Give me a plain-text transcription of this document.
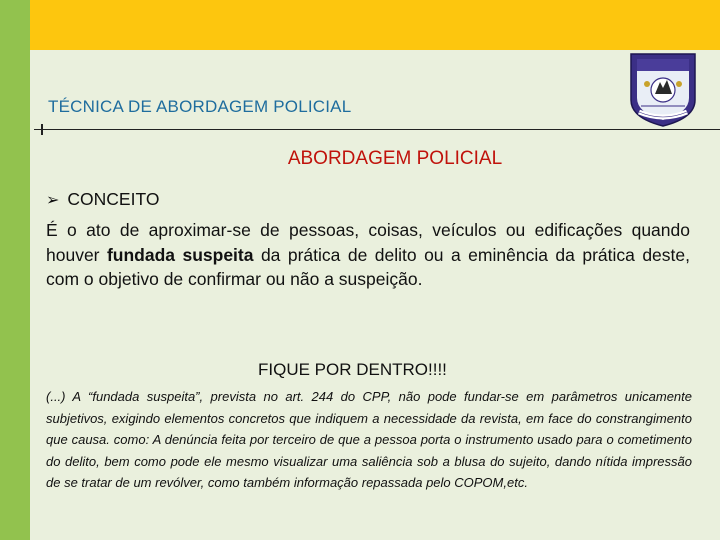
TÉCNICA DE ABORDAGEM POLICIAL
ABORDAGEM POLICIAL
➢ CONCEITO
É o ato de aproximar-se de pessoas, coisas, veículos ou edificações quando houver fundada suspeita da prática de delito ou a eminência da prática deste, com o objetivo de confirmar ou não a suspeição.
FIQUE POR DENTRO!!!!
(...) A “fundada suspeita”, prevista no art. 244 do CPP, não pode fundar-se em parâmetros unicamente subjetivos, exigindo elementos concretos que indiquem a necessidade da revista, em face do constrangimento que causa. como: A denúncia feita por terceiro de que a pessoa porta o instrumento usado para o cometimento do delito, bem como pode ele mesmo visualizar uma saliência sob a blusa do sujeito, dando nítida impressão de se tratar de um revólver, como também informação repassada pelo COPOM,etc.
